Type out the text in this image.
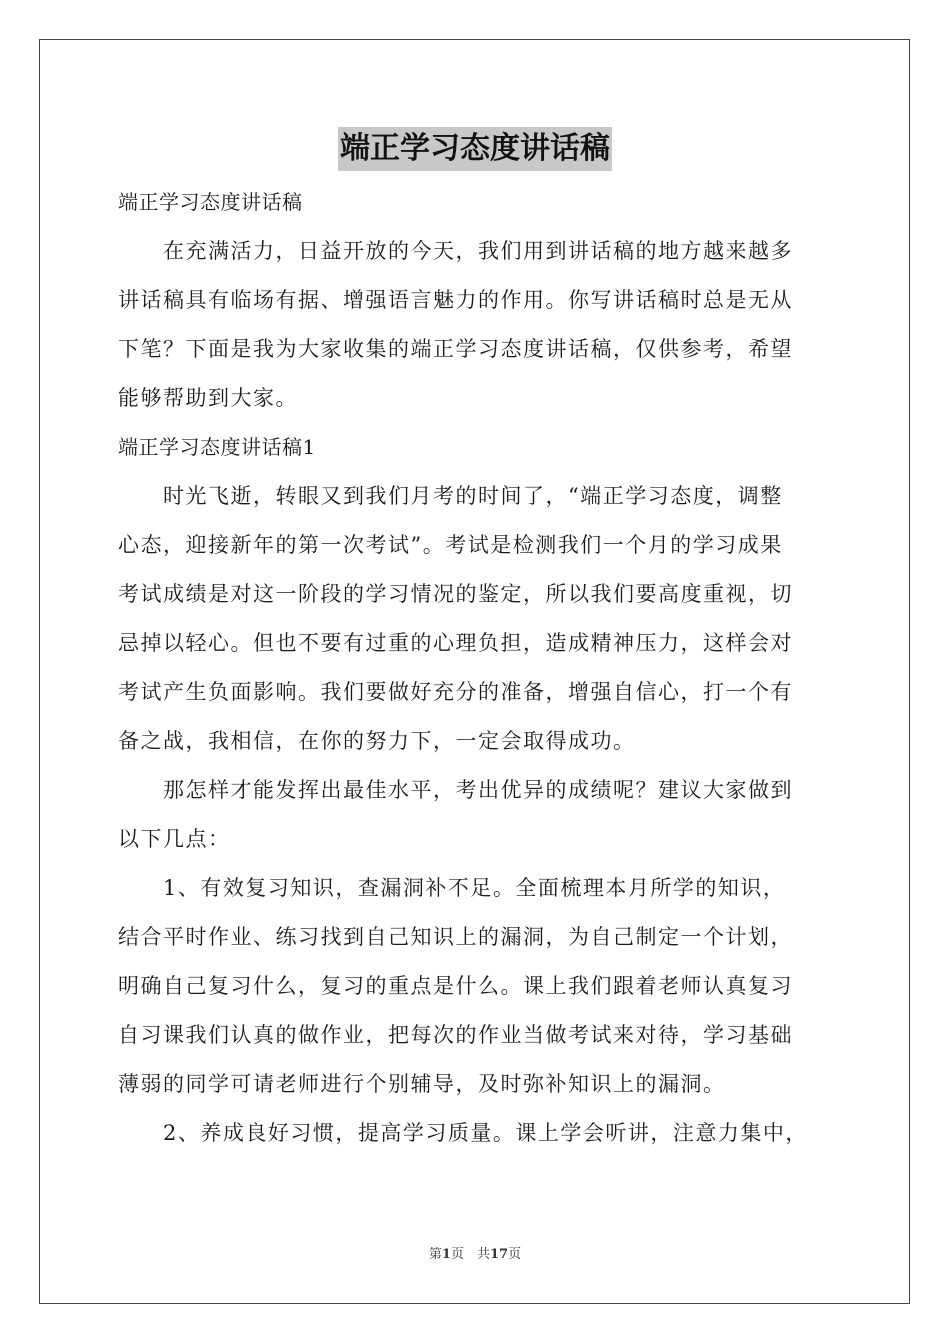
端正学习态度讲话稿
端正学习态度讲话稿
在充满活力，日益开放的今天，我们用到讲话稿的地方越来越多
讲话稿具有临场有据、增强语言魅力的作用。你写讲话稿时总是无从
下笔？下面是我为大家收集的端正学习态度讲话稿，仅供参考，希望
能够帮助到大家。
端正学习态度讲话稿1
时光飞逝，转眼又到我们月考的时间了，“端正学习态度，调整
心态，迎接新年的第一次考试”。考试是检测我们一个月的学习成果
考试成绩是对这一阶段的学习情况的鉴定，所以我们要高度重视，切
忌掉以轻心。但也不要有过重的心理负担，造成精神压力，这样会对
考试产生负面影响。我们要做好充分的准备，增强自信心，打一个有
备之战，我相信，在你的努力下，一定会取得成功。
那怎样才能发挥出最佳水平，考出优异的成绩呢？建议大家做到
以下几点：
1、有效复习知识，查漏洞补不足。全面梳理本月所学的知识，
结合平时作业、练习找到自己知识上的漏洞，为自己制定一个计划，
明确自己复习什么，复习的重点是什么。课上我们跟着老师认真复习
自习课我们认真的做作业，把每次的作业当做考试来对待，学习基础
薄弱的同学可请老师进行个别辅导，及时弥补知识上的漏洞。
2、养成良好习惯，提高学习质量。课上学会听讲，注意力集中，
第1页　共17页
